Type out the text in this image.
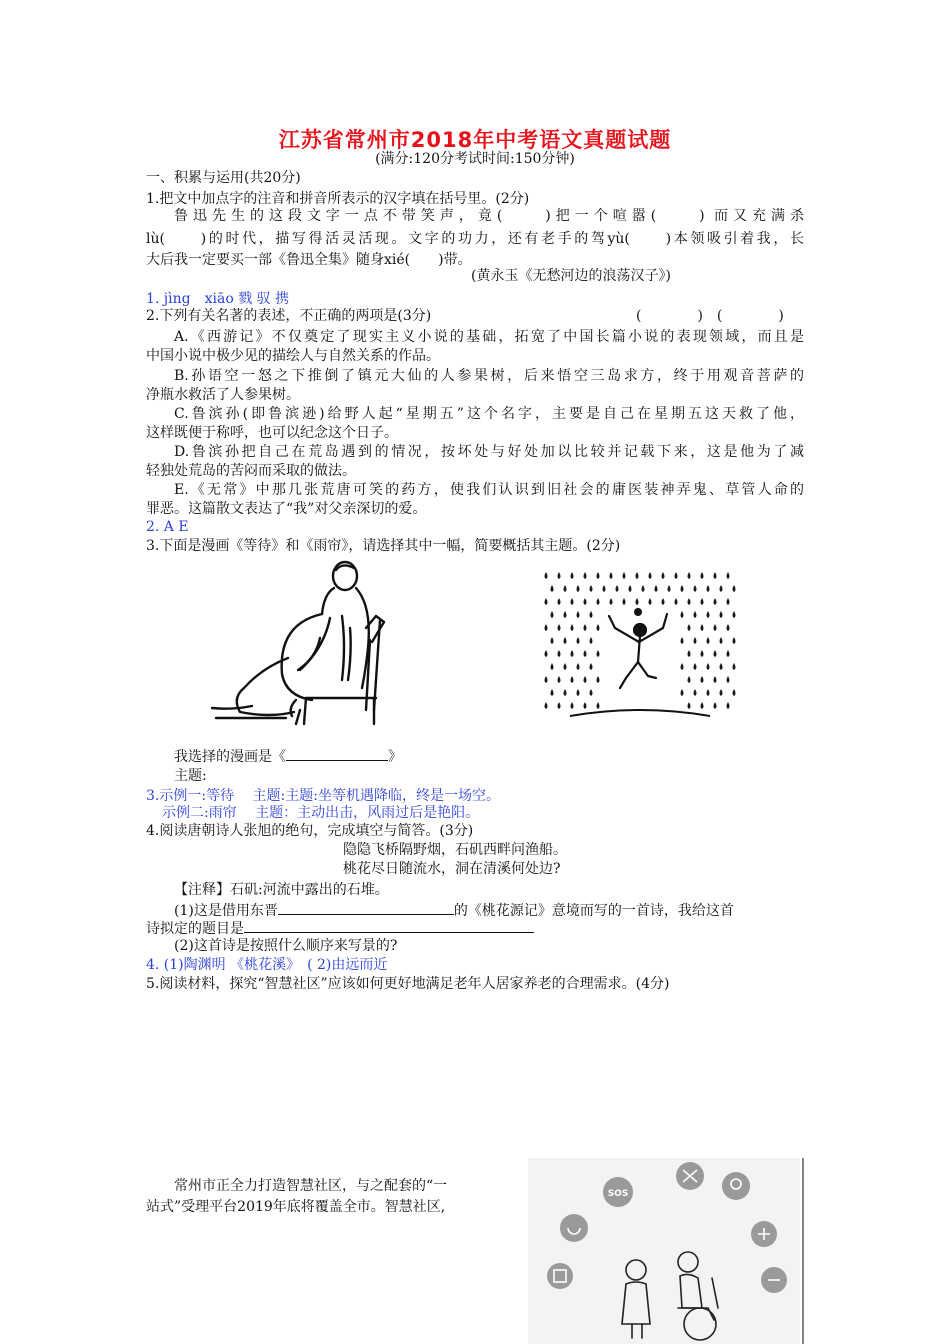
江苏省常州市2018年中考语文真题试题
(满分:120分考试时间:150分钟)
一、积累与运用(共20分)
1.把文中加点字的注音和拼音所表示的汉字填在括号里。(2分)
鲁迅先生的这段文字一点不带笑声，竟(　　)把一个喧嚣(　　) 而又充满杀
lù(　　)的时代，描写得活灵活现。文字的功力，还有老手的驾yù(　　)本领吸引着我，长
大后我一定要买一部《鲁迅全集》随身xié(　　)带。
(黄永玉《无愁河边的浪荡汉子》)
1. jìng　xiāo 戮 驭 携
2.下列有关名著的表述，不正确的两项是(3分)	(　　　　)　(　　　　)
A.《西游记》不仅奠定了现实主义小说的基础，拓宽了中国长篇小说的表现领域，而且是
中国小说中极少见的描绘人与自然关系的作品。
B.孙语空一怒之下推倒了镇元大仙的人参果树，后来悟空三岛求方，终于用观音菩萨的
净瓶水救活了人参果树。
C.鲁滨孙(即鲁滨逊)给野人起“星期五”这个名字，主要是自己在星期五这天救了他，
这样既便于称呼，也可以纪念这个日子。
D.鲁滨孙把自己在荒岛遇到的情况，按坏处与好处加以比较并记载下来，这是他为了减
轻独处荒岛的苦闷而采取的做法。
E.《无常》中那几张荒唐可笑的药方，使我们认识到旧社会的庸医装神弄鬼、草管人命的
罪恶。这篇散文表达了“我”对父亲深切的爱。
2. A E
3.下面是漫画《等待》和《雨帘》，请选择其中一幅，简要概括其主题。(2分)
我选择的漫画是《	》
主题:
3.示例一:等待　 主题:主题:坐等机遇降临，终是一场空。
示例二:雨帘　 主题：主动出击，风雨过后是艳阳。
4.阅读唐朝诗人张旭的绝句，完成填空与简答。(3分)
隐隐飞桥隔野烟，石矶西畔问渔船。
桃花尽日随流水，洞在清溪何处边?
【注释】石矶:河流中露出的石堆。
(1)这是借用东晋	的《桃花源记》意境而写的一首诗，我给这首
诗拟定的题目是
(2)这首诗是按照什么顺序来写景的?
4. (1)陶渊明 《桃花溪》　( 2)由远而近
5.阅读材料，探究“智慧社区”应该如何更好地满足老年人居家养老的合理需求。(4分)
常州市正全力打造智慧社区，与之配套的“一
站式”受理平台2019年底将覆盖全市。智慧社区,
SOS
